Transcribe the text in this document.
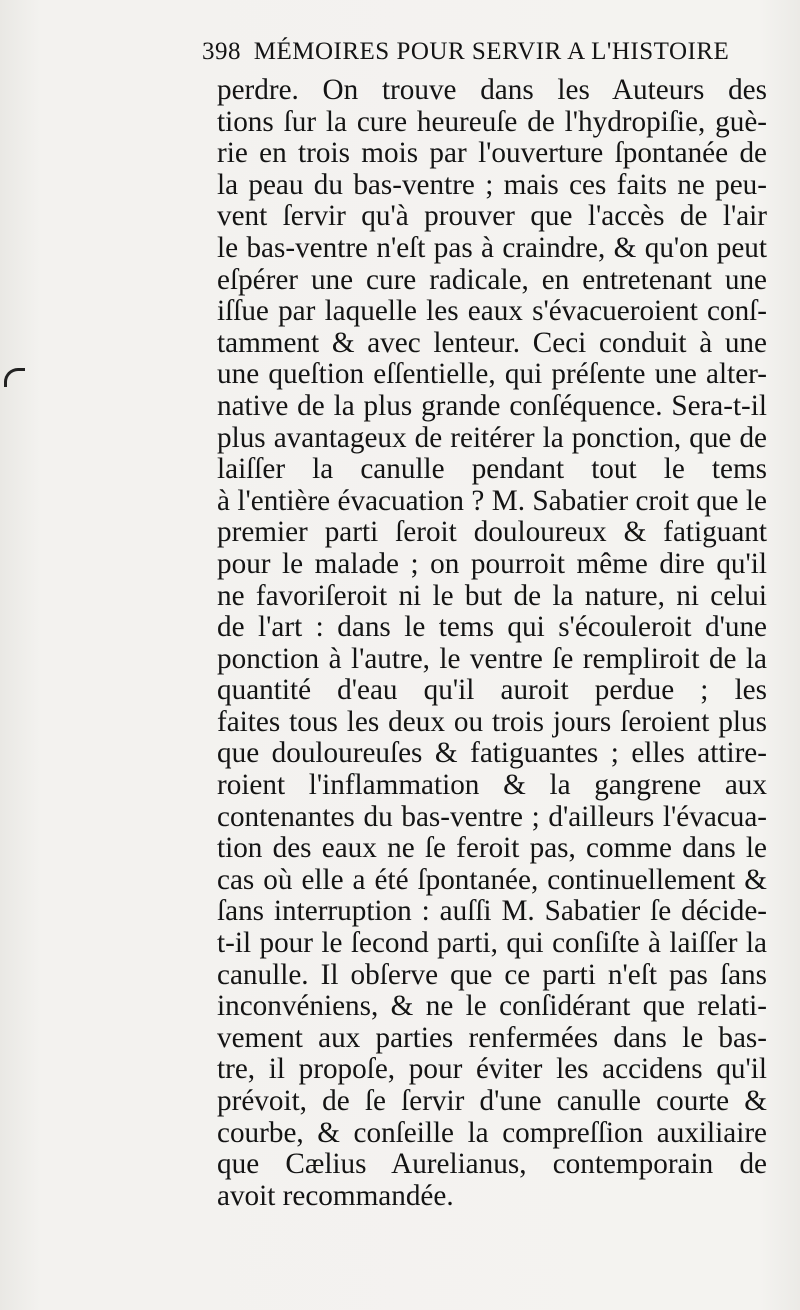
398 MÉMOIRES POUR SERVIR A L'HISTOIRE
perdre. On trouve dans les Auteurs des
tions ſur la cure heureuſe de l'hydropiſie, guè-
rie en trois mois par l'ouverture ſpontanée de
la peau du bas-ventre ; mais ces faits ne peu-
vent ſervir qu'à prouver que l'accès de l'air
le bas-ventre n'eſt pas à craindre, & qu'on peut
eſpérer une cure radicale, en entretenant une
iſſue par laquelle les eaux s'évacueroient conſ-
tamment & avec lenteur. Ceci conduit à une
une queſtion eſſentielle, qui préſente une alter-
native de la plus grande conſéquence. Sera-t-il
plus avantageux de reitérer la ponction, que de
laiſſer la canulle pendant tout le tems
à l'entière évacuation ? M. Sabatier croit que le
premier parti ſeroit douloureux & fatiguant
pour le malade ; on pourroit même dire qu'il
ne favoriſeroit ni le but de la nature, ni celui
de l'art : dans le tems qui s'écouleroit d'une
ponction à l'autre, le ventre ſe rempliroit de la
quantité d'eau qu'il auroit perdue ; les
faites tous les deux ou trois jours ſeroient plus
que douloureuſes & fatiguantes ; elles attire-
roient l'inflammation & la gangrene aux
contenantes du bas-ventre ; d'ailleurs l'évacua-
tion des eaux ne ſe feroit pas, comme dans le
cas où elle a été ſpontanée, continuellement &
ſans interruption : auſſi M. Sabatier ſe décide-
t-il pour le ſecond parti, qui conſiſte à laiſſer la
canulle. Il obſerve que ce parti n'eſt pas ſans
inconvéniens, & ne le conſidérant que relati-
vement aux parties renfermées dans le bas-
tre, il propoſe, pour éviter les accidens qu'il
prévoit, de ſe ſervir d'une canulle courte &
courbe, & conſeille la compreſſion auxiliaire
que Cælius Aurelianus, contemporain de
avoit recommandée.
